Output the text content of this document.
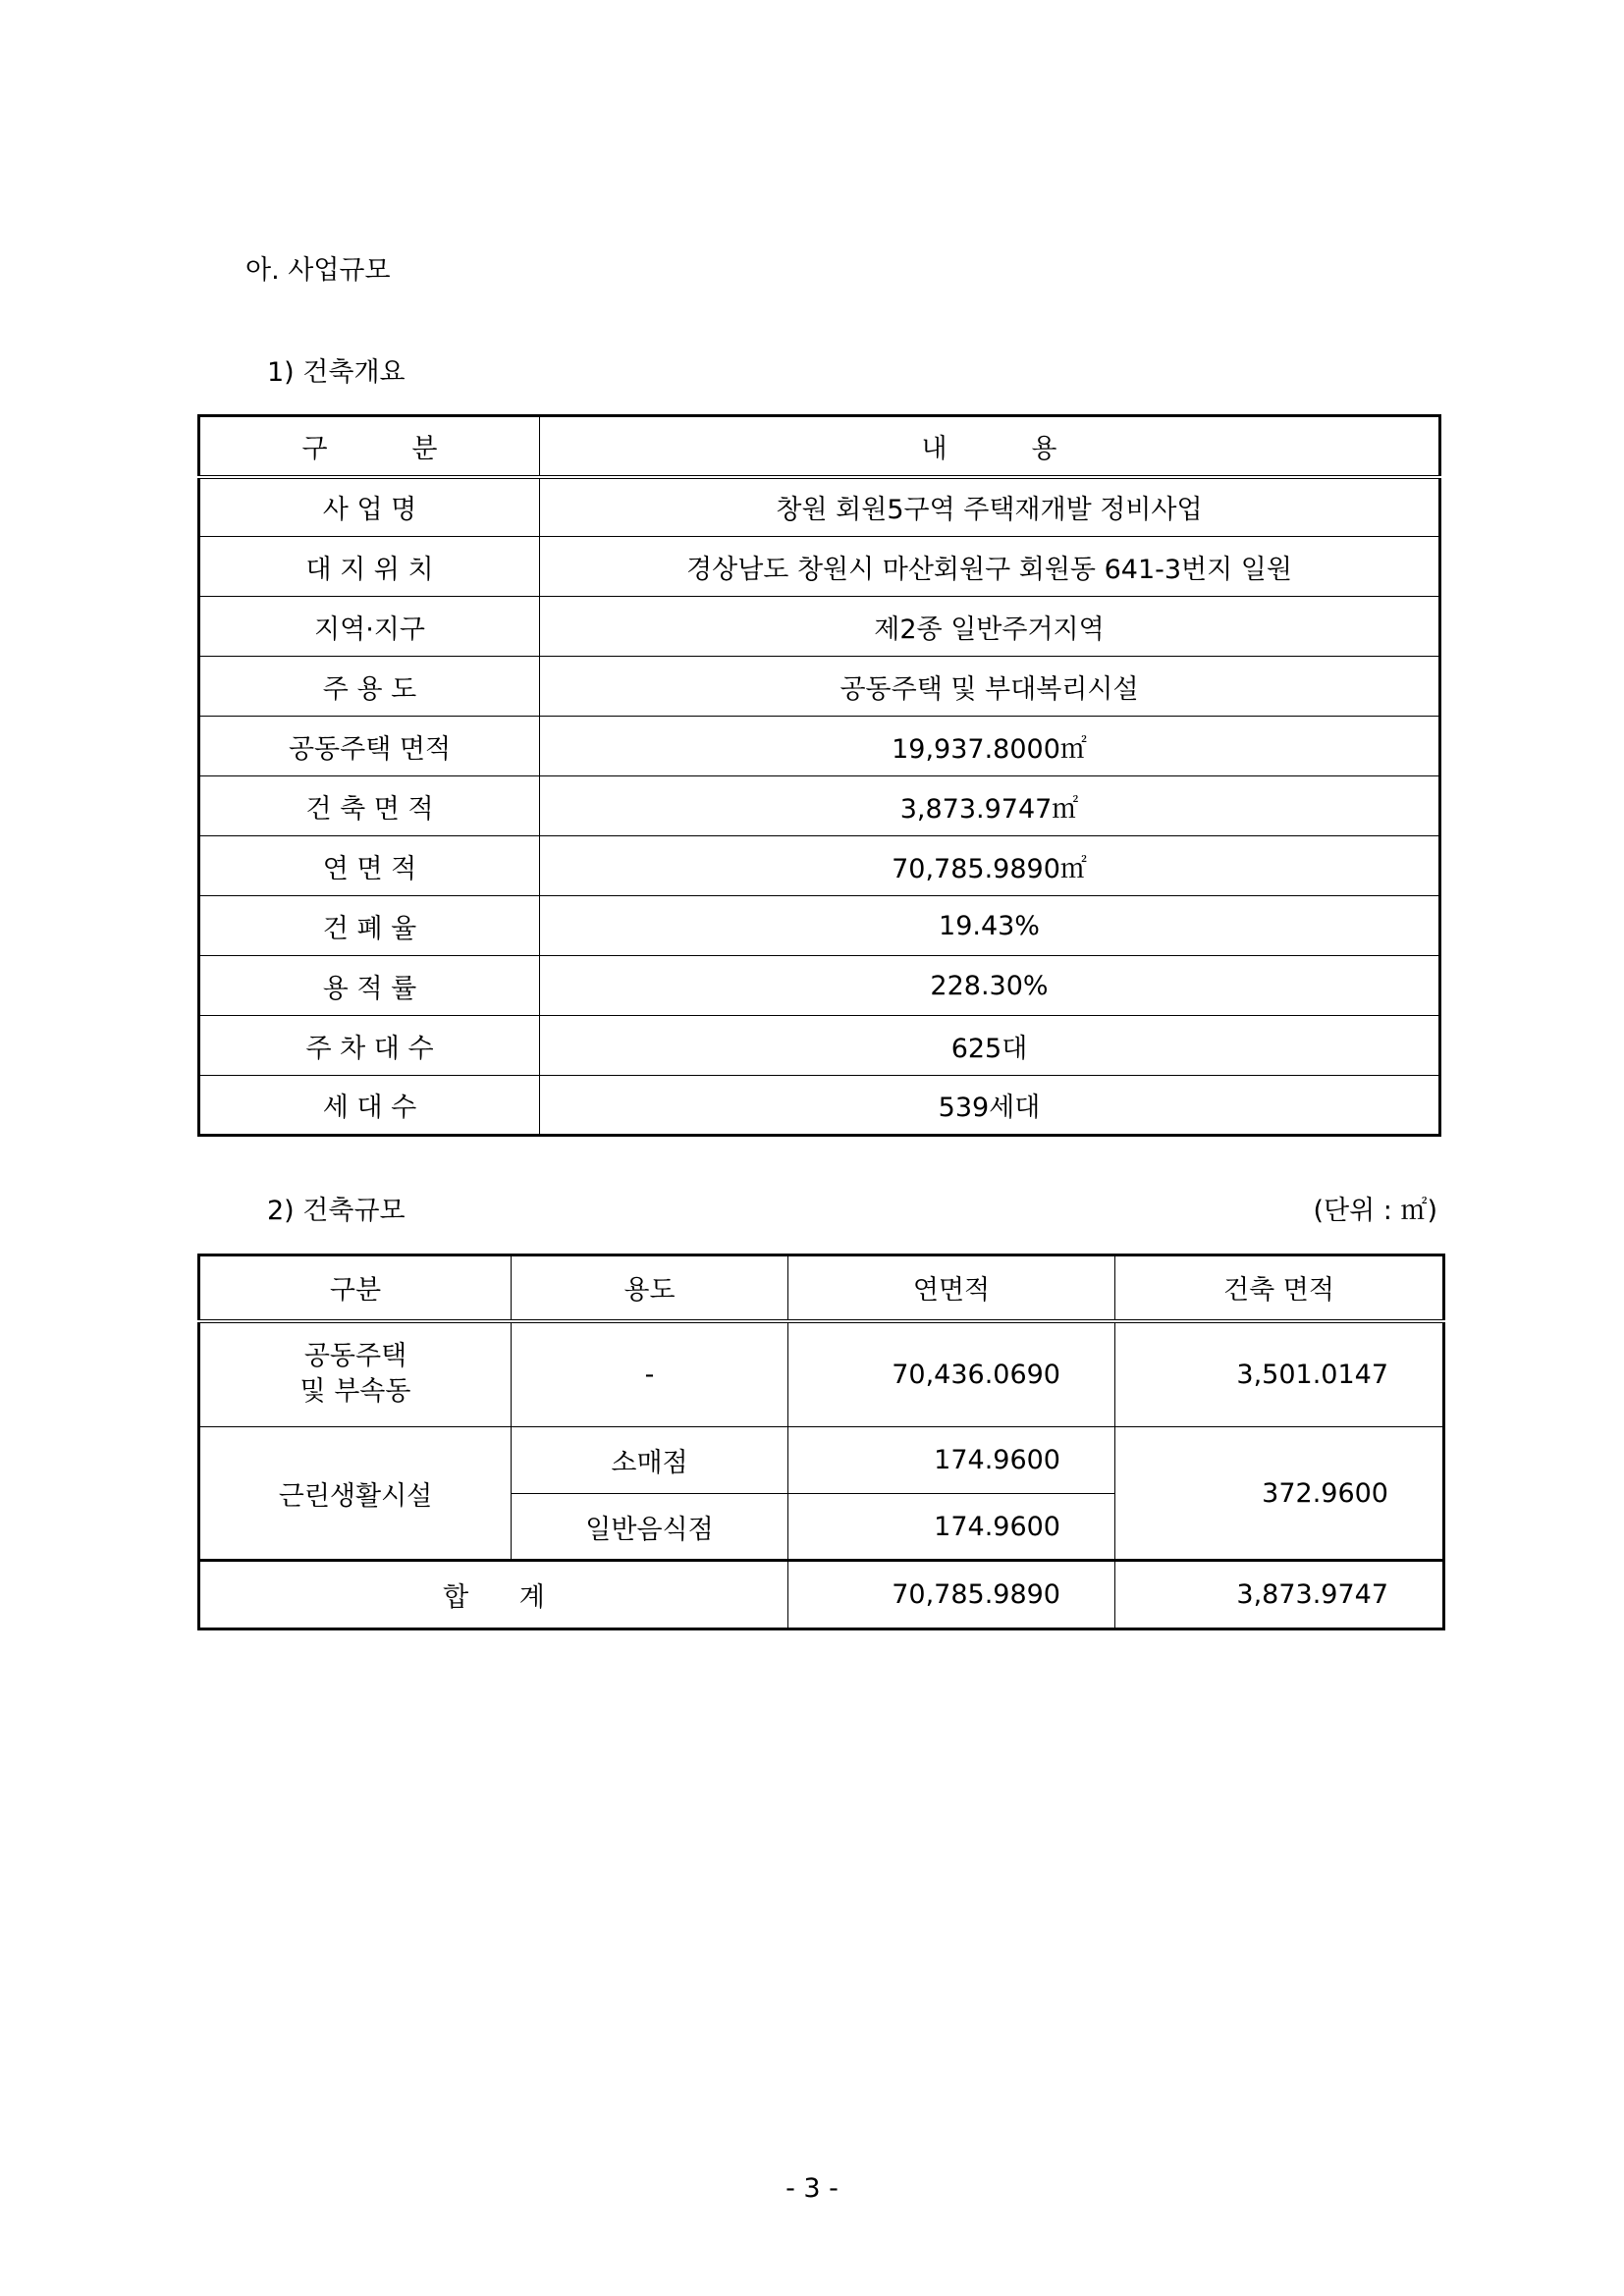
아. 사업규모
1) 건축개요
구          분	내          용
사 업 명	창원 회원5구역 주택재개발 정비사업
대 지 위 치	경상남도 창원시 마산회원구 회원동 641-3번지 일원
지역·지구	제2종 일반주거지역
주 용 도	공동주택 및 부대복리시설
공동주택 면적	19,937.8000㎡
건 축 면 적	3,873.9747㎡
연 면 적	70,785.9890㎡
건 폐 율	19.43%
용 적 률	228.30%
주 차 대 수	625대
세 대 수	539세대
2) 건축규모	(단위 : ㎡)
구분	용도	연면적	건축 면적

공동주택
및 부속동	-	70,436.0690	3,501.0147
근린생활시설	소매점	174.9600	372.9600
	일반음식점	174.9600	
합      계		70,785.9890	3,873.9747
- 3 -
